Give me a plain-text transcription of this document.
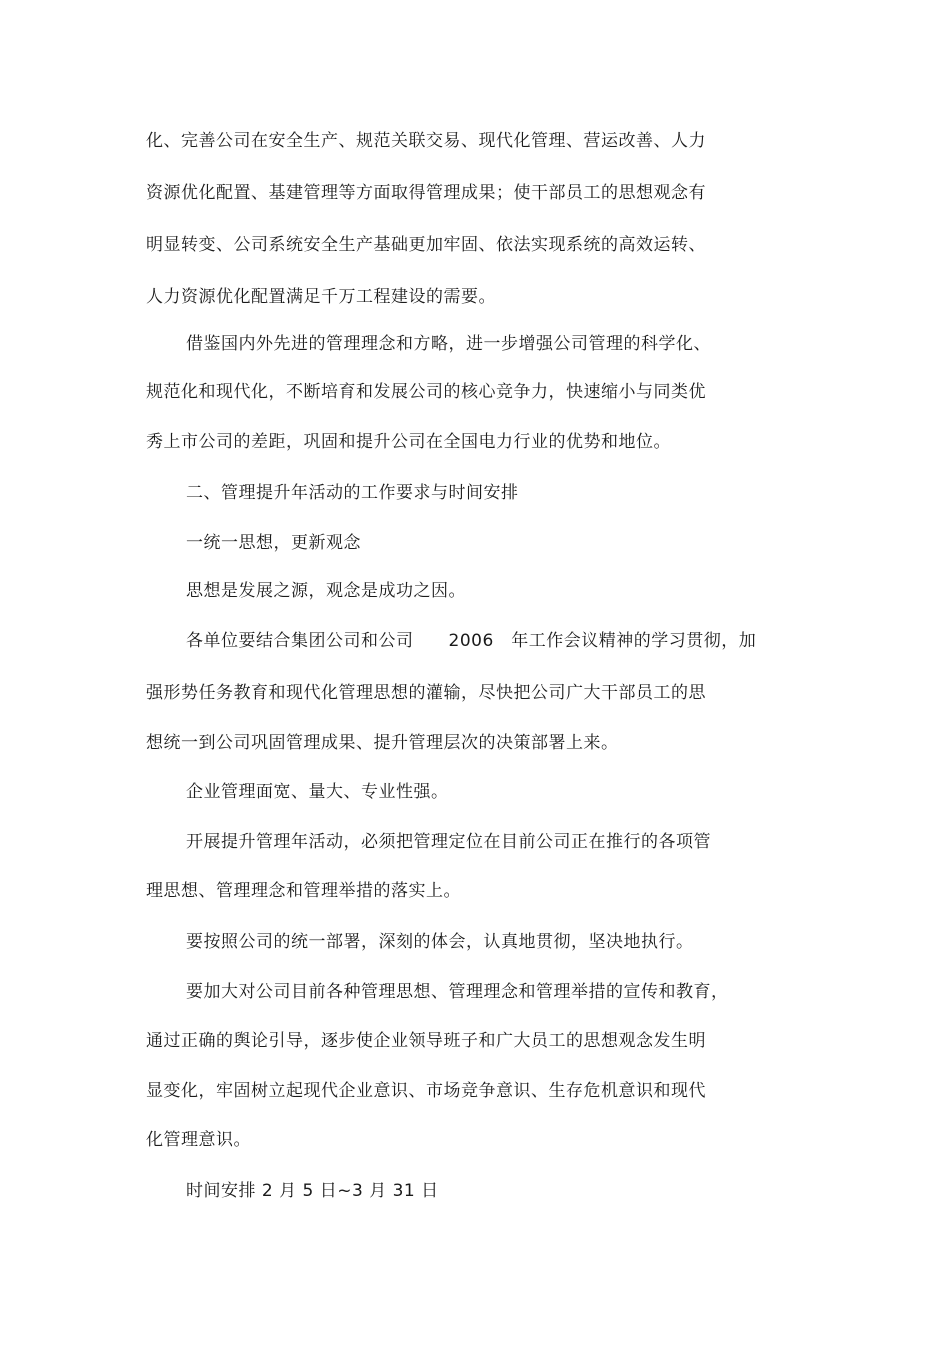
化、完善公司在安全生产、规范关联交易、现代化管理、营运改善、人力
资源优化配置、基建管理等方面取得管理成果；使干部员工的思想观念有
明显转变、公司系统安全生产基础更加牢固、依法实现系统的高效运转、
人力资源优化配置满足千万工程建设的需要。
借鉴国内外先进的管理理念和方略，进一步增强公司管理的科学化、
规范化和现代化，不断培育和发展公司的核心竞争力，快速缩小与同类优
秀上市公司的差距，巩固和提升公司在全国电力行业的优势和地位。
二、管理提升年活动的工作要求与时间安排
一统一思想，更新观念
思想是发展之源，观念是成功之因。
各单位要结合集团公司和公司　　2006　年工作会议精神的学习贯彻，加
强形势任务教育和现代化管理思想的灌输，尽快把公司广大干部员工的思
想统一到公司巩固管理成果、提升管理层次的决策部署上来。
企业管理面宽、量大、专业性强。
开展提升管理年活动，必须把管理定位在目前公司正在推行的各项管
理思想、管理理念和管理举措的落实上。
要按照公司的统一部署，深刻的体会，认真地贯彻，坚决地执行。
要加大对公司目前各种管理思想、管理理念和管理举措的宣传和教育，
通过正确的舆论引导，逐步使企业领导班子和广大员工的思想观念发生明
显变化，牢固树立起现代企业意识、市场竞争意识、生存危机意识和现代
化管理意识。
时间安排 2 月 5 日~3 月 31 日
